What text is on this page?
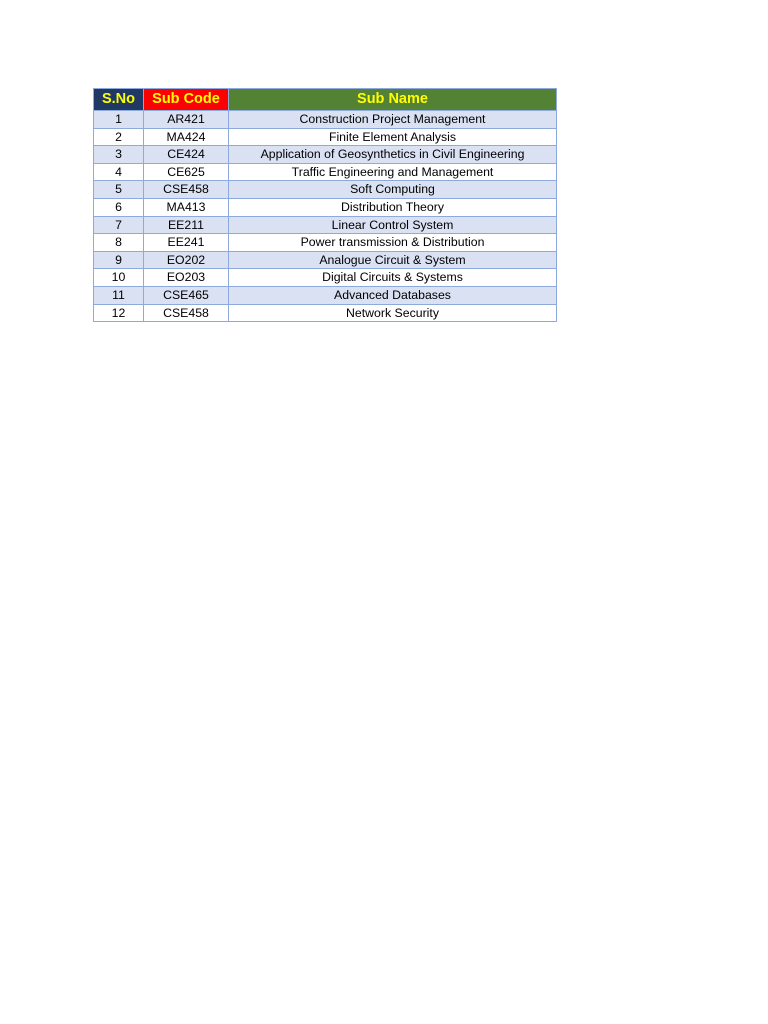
S.No	Sub Code	Sub Name
1	AR421	Construction Project Management
2	MA424	Finite Element Analysis
3	CE424	Application of Geosynthetics in Civil Engineering
4	CE625	Traffic Engineering and Management
5	CSE458	Soft Computing
6	MA413	Distribution Theory
7	EE211	Linear Control System
8	EE241	Power transmission & Distribution
9	EO202	Analogue Circuit & System
10	EO203	Digital Circuits & Systems
11	CSE465	Advanced Databases
12	CSE458	Network Security
